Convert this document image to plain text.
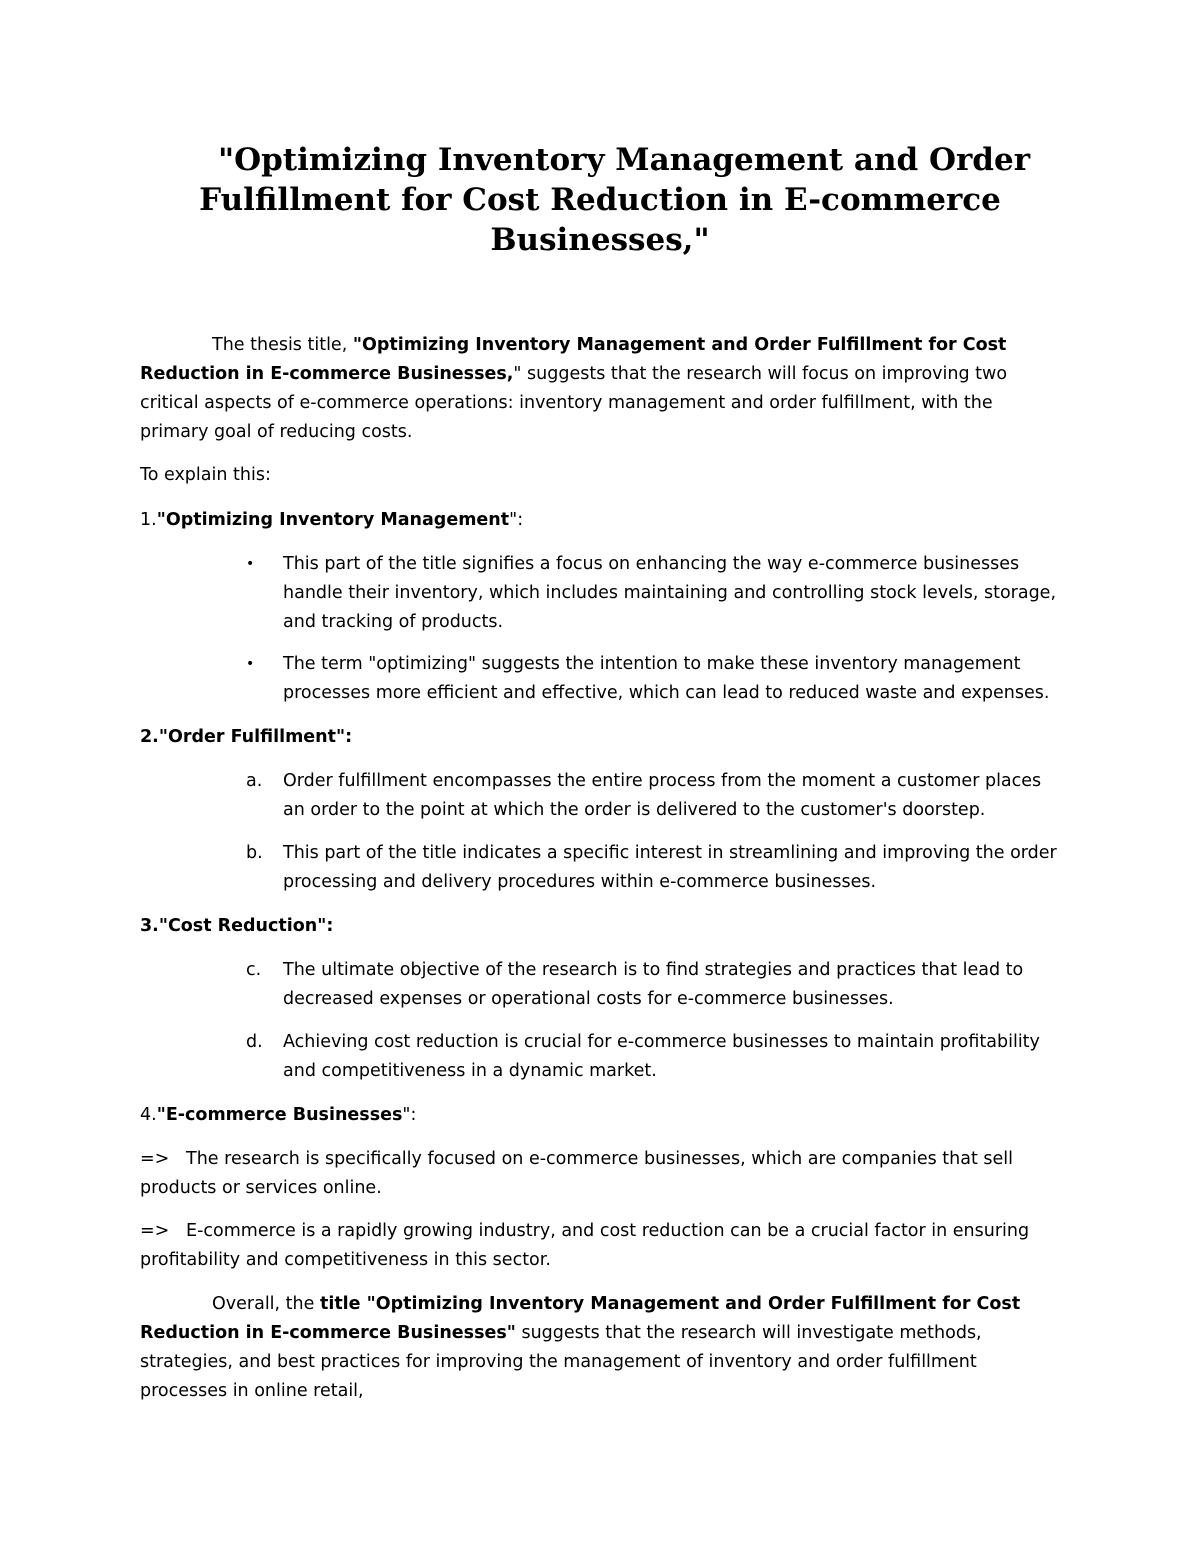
"Optimizing Inventory Management and Order
Fulfillment for Cost Reduction in E-commerce
Businesses,"

The thesis title, "Optimizing Inventory Management and Order Fulfillment for Cost Reduction in E-commerce Businesses," suggests that the research will focus on improving two critical aspects of e-commerce operations: inventory management and order fulfillment, with the primary goal of reducing costs.

To explain this:

1."Optimizing Inventory Management":

•	This part of the title signifies a focus on enhancing the way e-commerce businesses handle their inventory, which includes maintaining and controlling stock levels, storage, and tracking of products.

•	The term "optimizing" suggests the intention to make these inventory management processes more efficient and effective, which can lead to reduced waste and expenses.

2."Order Fulfillment":

a.	Order fulfillment encompasses the entire process from the moment a customer places an order to the point at which the order is delivered to the customer's doorstep.

b.	This part of the title indicates a specific interest in streamlining and improving the order processing and delivery procedures within e-commerce businesses.

3."Cost Reduction":

c.	The ultimate objective of the research is to find strategies and practices that lead to decreased expenses or operational costs for e-commerce businesses.

d.	Achieving cost reduction is crucial for e-commerce businesses to maintain profitability and competitiveness in a dynamic market.

4."E-commerce Businesses":

=> The research is specifically focused on e-commerce businesses, which are companies that sell products or services online.

=> E-commerce is a rapidly growing industry, and cost reduction can be a crucial factor in ensuring profitability and competitiveness in this sector.

Overall, the title "Optimizing Inventory Management and Order Fulfillment for Cost Reduction in E-commerce Businesses" suggests that the research will investigate methods, strategies, and best practices for improving the management of inventory and order fulfillment processes in online retail,
